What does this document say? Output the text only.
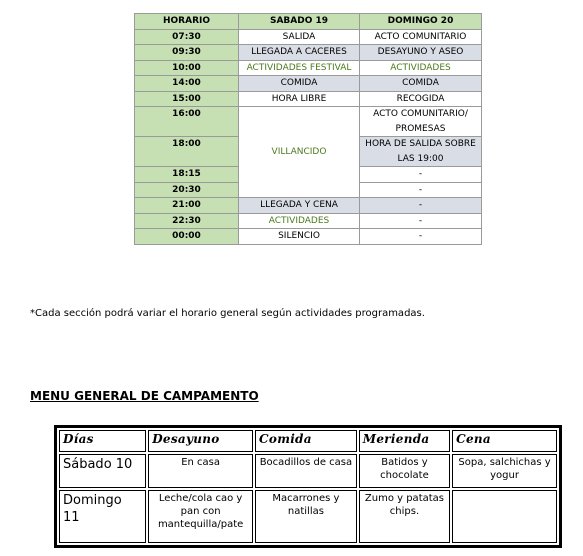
HORARIO	SABADO 19	DOMINGO 20
07:30	SALIDA	ACTO COMUNITARIO
09:30	LLEGADA A CACERES	DESAYUNO Y ASEO
10:00	ACTIVIDADES FESTIVAL	ACTIVIDADES
14:00	COMIDA	COMIDA
15:00	HORA LIBRE	RECOGIDA
16:00	VILLANCIDO	ACTO COMUNITARIO/ PROMESAS
18:00		HORA DE SALIDA SOBRE LAS 19:00
18:15		-
20:30		-
21:00	LLEGADA Y CENA	-
22:30	ACTIVIDADES	-
00:00	SILENCIO	-
*Cada sección podrá variar el horario general según actividades programadas.
MENU GENERAL DE CAMPAMENTO
Días	Desayuno	Comida	Merienda	Cena
Sábado 10	En casa	Bocadillos de casa	Batidos y chocolate	Sopa, salchichas y yogur
Domingo 11	Leche/cola cao y pan con mantequilla/pate	Macarrones y natillas	Zumo y patatas chips.	
